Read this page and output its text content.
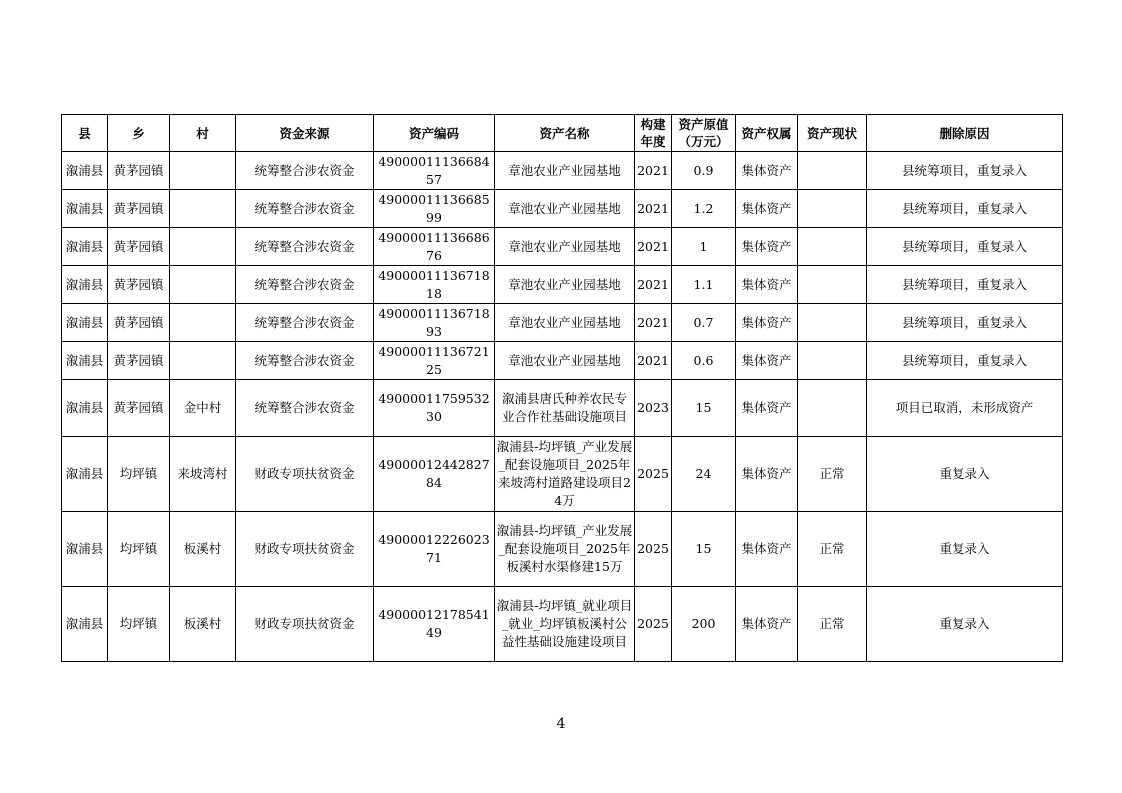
县	乡	村	资金来源	资产编码	资产名称	构建年度	资产原值（万元）	资产权属	资产现状	删除原因
溆浦县	黄茅园镇		统筹整合涉农资金	4900001113668457	章池农业产业园基地	2021	0.9	集体资产		县统筹项目，重复录入
溆浦县	黄茅园镇		统筹整合涉农资金	4900001113668599	章池农业产业园基地	2021	1.2	集体资产		县统筹项目，重复录入
溆浦县	黄茅园镇		统筹整合涉农资金	4900001113668676	章池农业产业园基地	2021	1	集体资产		县统筹项目，重复录入
溆浦县	黄茅园镇		统筹整合涉农资金	4900001113671818	章池农业产业园基地	2021	1.1	集体资产		县统筹项目，重复录入
溆浦县	黄茅园镇		统筹整合涉农资金	4900001113671893	章池农业产业园基地	2021	0.7	集体资产		县统筹项目，重复录入
溆浦县	黄茅园镇		统筹整合涉农资金	4900001113672125	章池农业产业园基地	2021	0.6	集体资产		县统筹项目，重复录入
溆浦县	黄茅园镇	金中村	统筹整合涉农资金	4900001175953230	溆浦县唐氏种养农民专业合作社基础设施项目	2023	15	集体资产		项目已取消，未形成资产
溆浦县	均坪镇	来坡湾村	财政专项扶贫资金	4900001244282784	溆浦县-均坪镇_产业发展_配套设施项目_2025年来坡湾村道路建设项目24万	2025	24	集体资产	正常	重复录入
溆浦县	均坪镇	板溪村	财政专项扶贫资金	4900001222602371	溆浦县-均坪镇_产业发展_配套设施项目_2025年板溪村水渠修建15万	2025	15	集体资产	正常	重复录入
溆浦县	均坪镇	板溪村	财政专项扶贫资金	4900001217854149	溆浦县-均坪镇_就业项目_就业_均坪镇板溪村公益性基础设施建设项目	2025	200	集体资产	正常	重复录入
4
